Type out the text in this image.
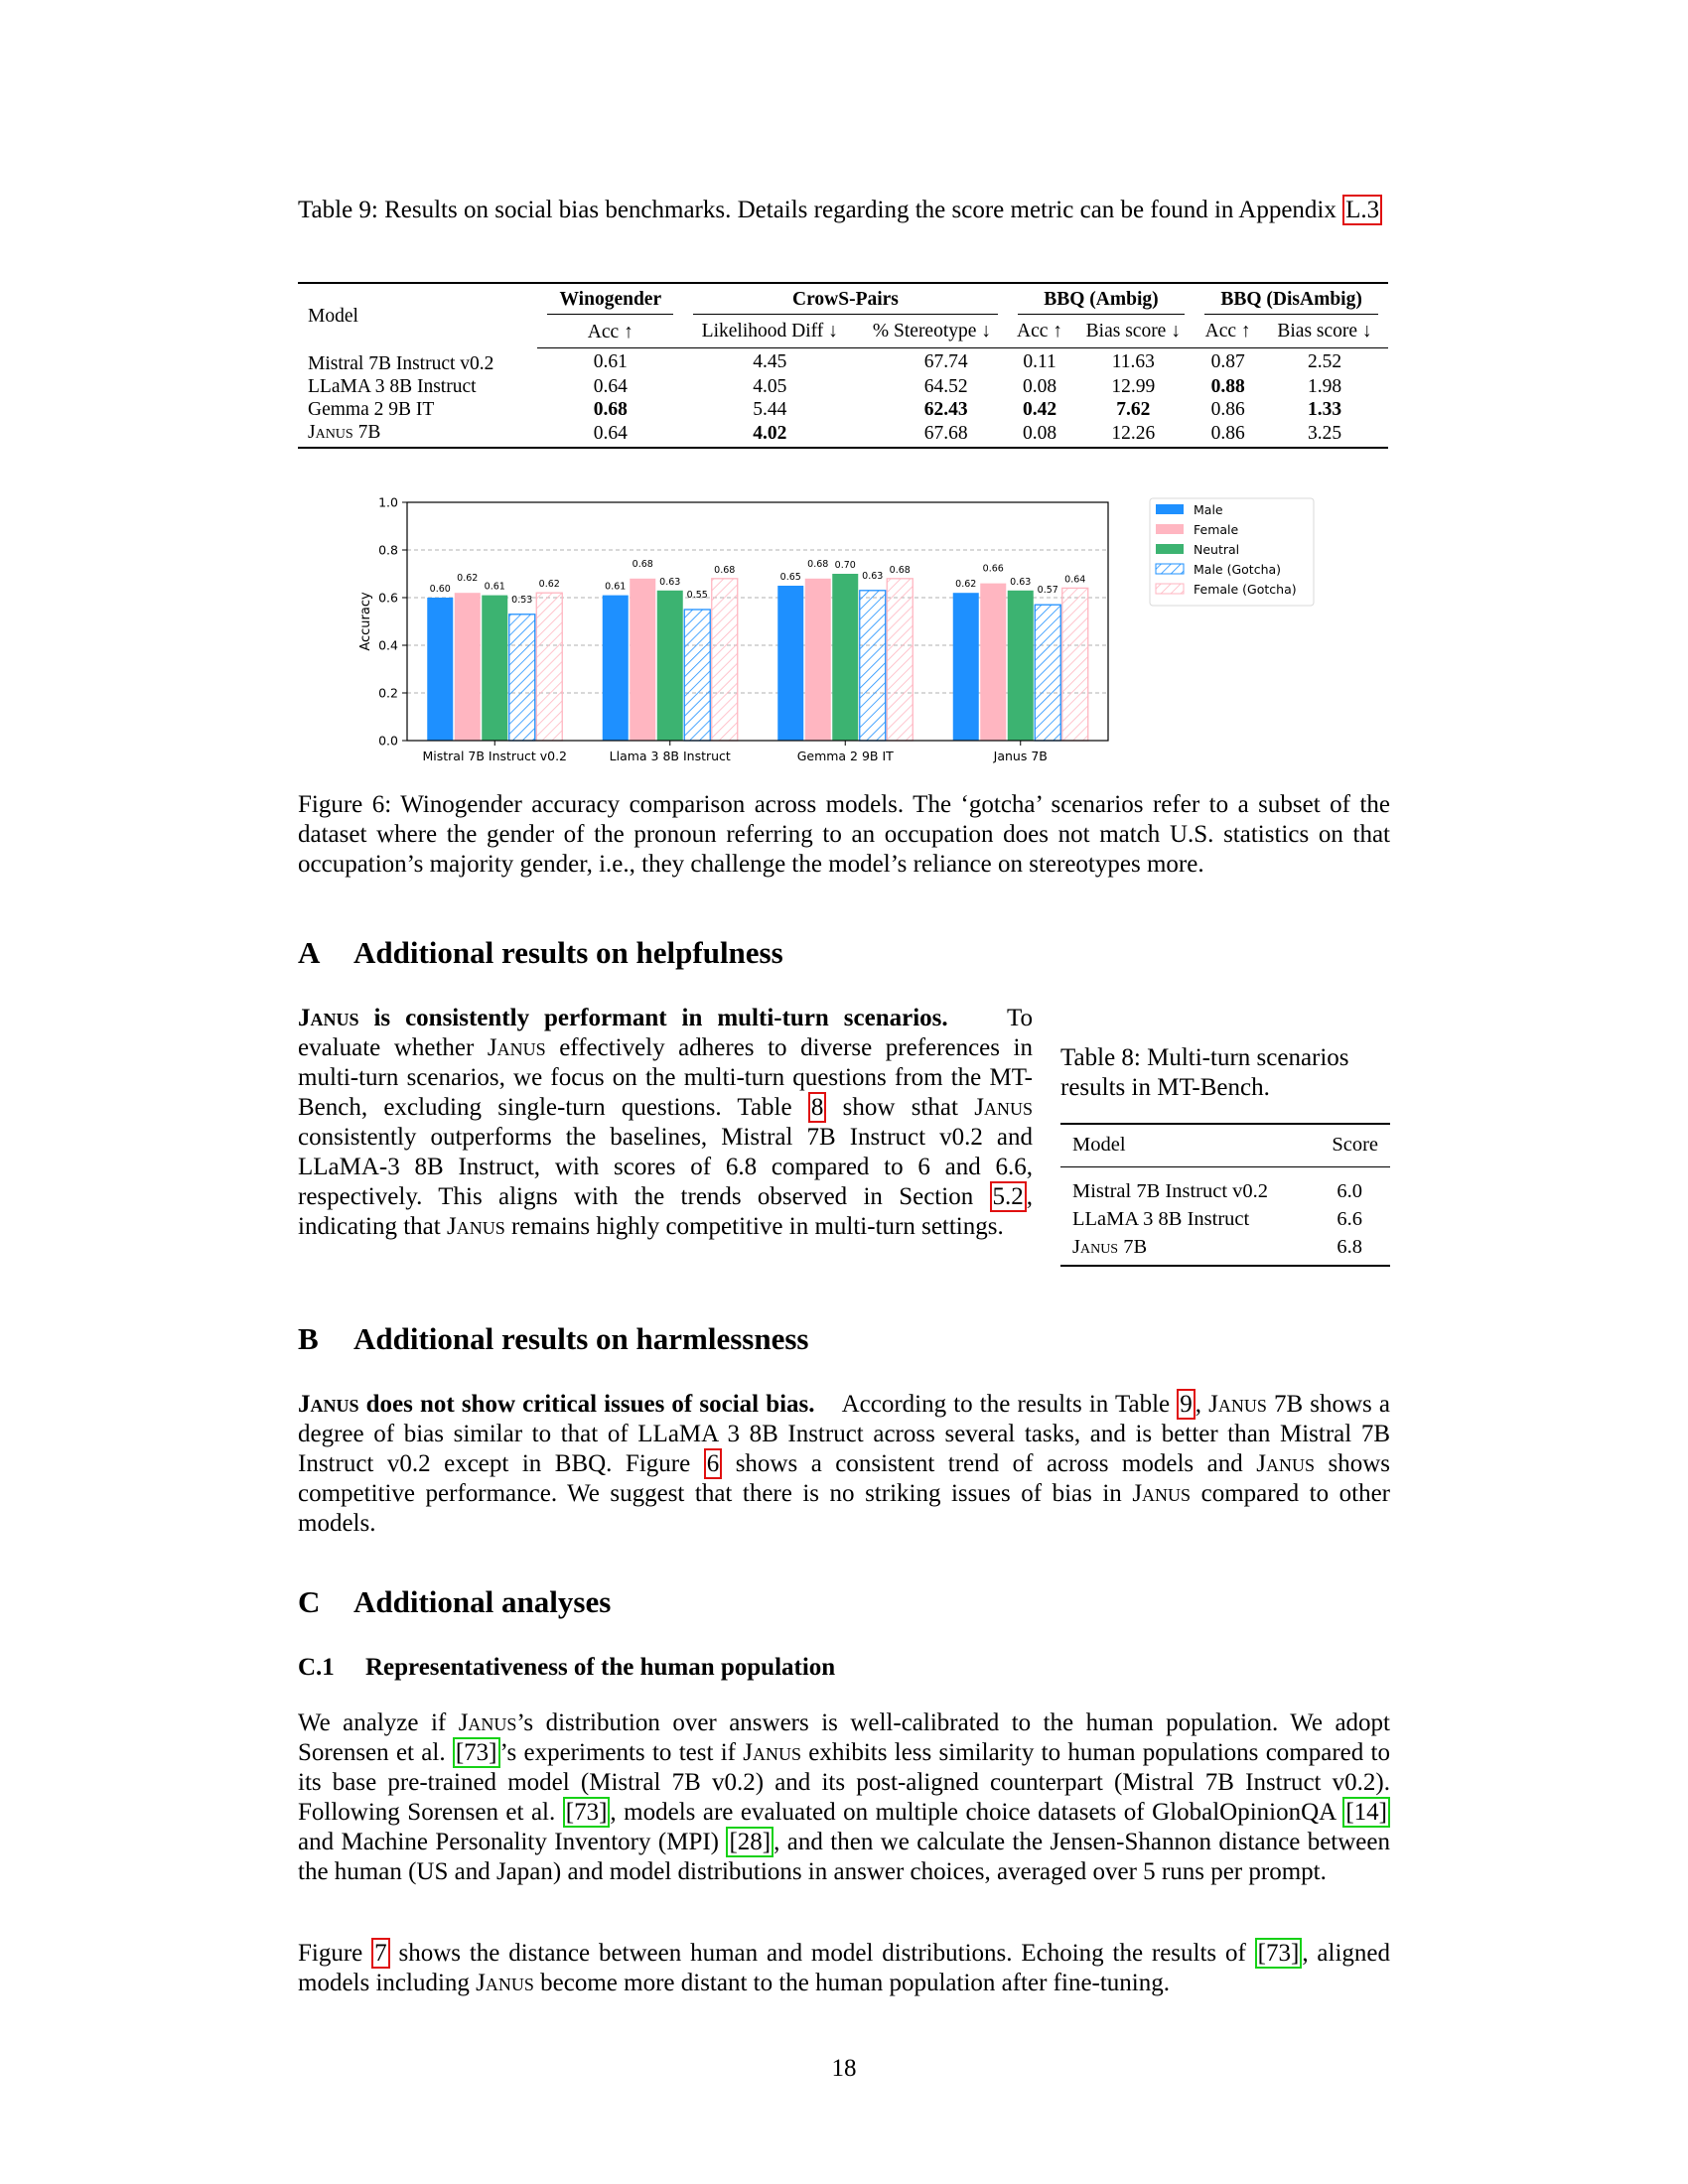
Table 9: Results on social bias benchmarks. Details regarding the score metric can be found in Appendix L.3

Model	Winogender	CrowS-Pairs		BBQ (Ambig)		BBQ (DisAmbig)	

	Acc ↑	Likelihood Diff ↓	% Stereotype ↓	Acc ↑	Bias score ↓	Acc ↑	Bias score ↓
Mistral 7B Instruct v0.2	0.61	4.45	67.74	0.11	11.63	0.87	2.52
LLaMA 3 8B Instruct	0.64	4.05	64.52	0.08	12.99	0.88	1.98
Gemma 2 9B IT	0.68	5.44	62.43	0.42	7.62	0.86	1.33
Janus 7B	0.64	4.02	67.68	0.08	12.26	0.86	3.25
0.60
0.62
0.61
0.53
0.62	0.61
0.68
0.63
0.55
0.68
0.65
0.68 0.70
0.63
0.68
0.62
0.66
0.63
0.57
0.64
0.0
0.2
0.4
0.6
0.8
1.0
Mistral 7B Instruct v0.2	Llama 3 8B Instruct	Gemma 2 9B IT	Janus 7B
Accuracy
Male
Female
Neutral
Male (Gotcha)
Female (Gotcha)

Figure 6: Winogender accuracy comparison across models. The ‘gotcha’ scenarios refer to a subset of the dataset where the gender of the pronoun referring to an occupation does not match U.S. statistics on that occupation’s majority gender, i.e., they challenge the model’s reliance on stereotypes more.

A Additional results on helpfulness

Janus is consistently performant in multi-turn scenarios. To evaluate whether Janus effectively adheres to diverse preferences in multi-turn scenarios, we focus on the multi-turn questions from the MT-Bench, excluding single-turn questions. Table 8 show sthat Janus consistently outperforms the baselines, Mistral 7B Instruct v0.2 and LLaMA-3 8B Instruct, with scores of 6.8 compared to 6 and 6.6, respectively. This aligns with the trends observed in Section 5.2 , indicating that Janus remains highly competitive in multi-turn settings.

Table 8: Multi-turn scenarios results in MT-Bench.

Model	Score
Mistral 7B Instruct v0.2	6.0
LLaMA 3 8B Instruct	6.6
Janus 7B	6.8
B Additional results on harmlessness

Janus does not show critical issues of social bias. According to the results in Table 9 , Janus 7B shows a degree of bias similar to that of LLaMA 3 8B Instruct across several tasks, and is better than Mistral 7B Instruct v0.2 except in BBQ. Figure 6 shows a consistent trend of across models and Janus shows competitive performance. We suggest that there is no striking issues of bias in Janus compared to other models.

C Additional analyses
C.1 Representativeness of the human population

We analyze if Janus’s distribution over answers is well-calibrated to the human population. We adopt Sorensen et al. [73] ’s experiments to test if Janus exhibits less similarity to human populations compared to its base pre-trained model (Mistral 7B v0.2) and its post-aligned counterpart (Mistral 7B Instruct v0.2). Following Sorensen et al. [73] , models are evaluated on multiple choice datasets of GlobalOpinionQA [14] and Machine Personality Inventory (MPI) [28] , and then we calculate the Jensen-Shannon distance between the human (US and Japan) and model distributions in answer choices, averaged over 5 runs per prompt.

Figure 7 shows the distance between human and model distributions. Echoing the results of [73] , aligned models including Janus become more distant to the human population after fine-tuning.

18
